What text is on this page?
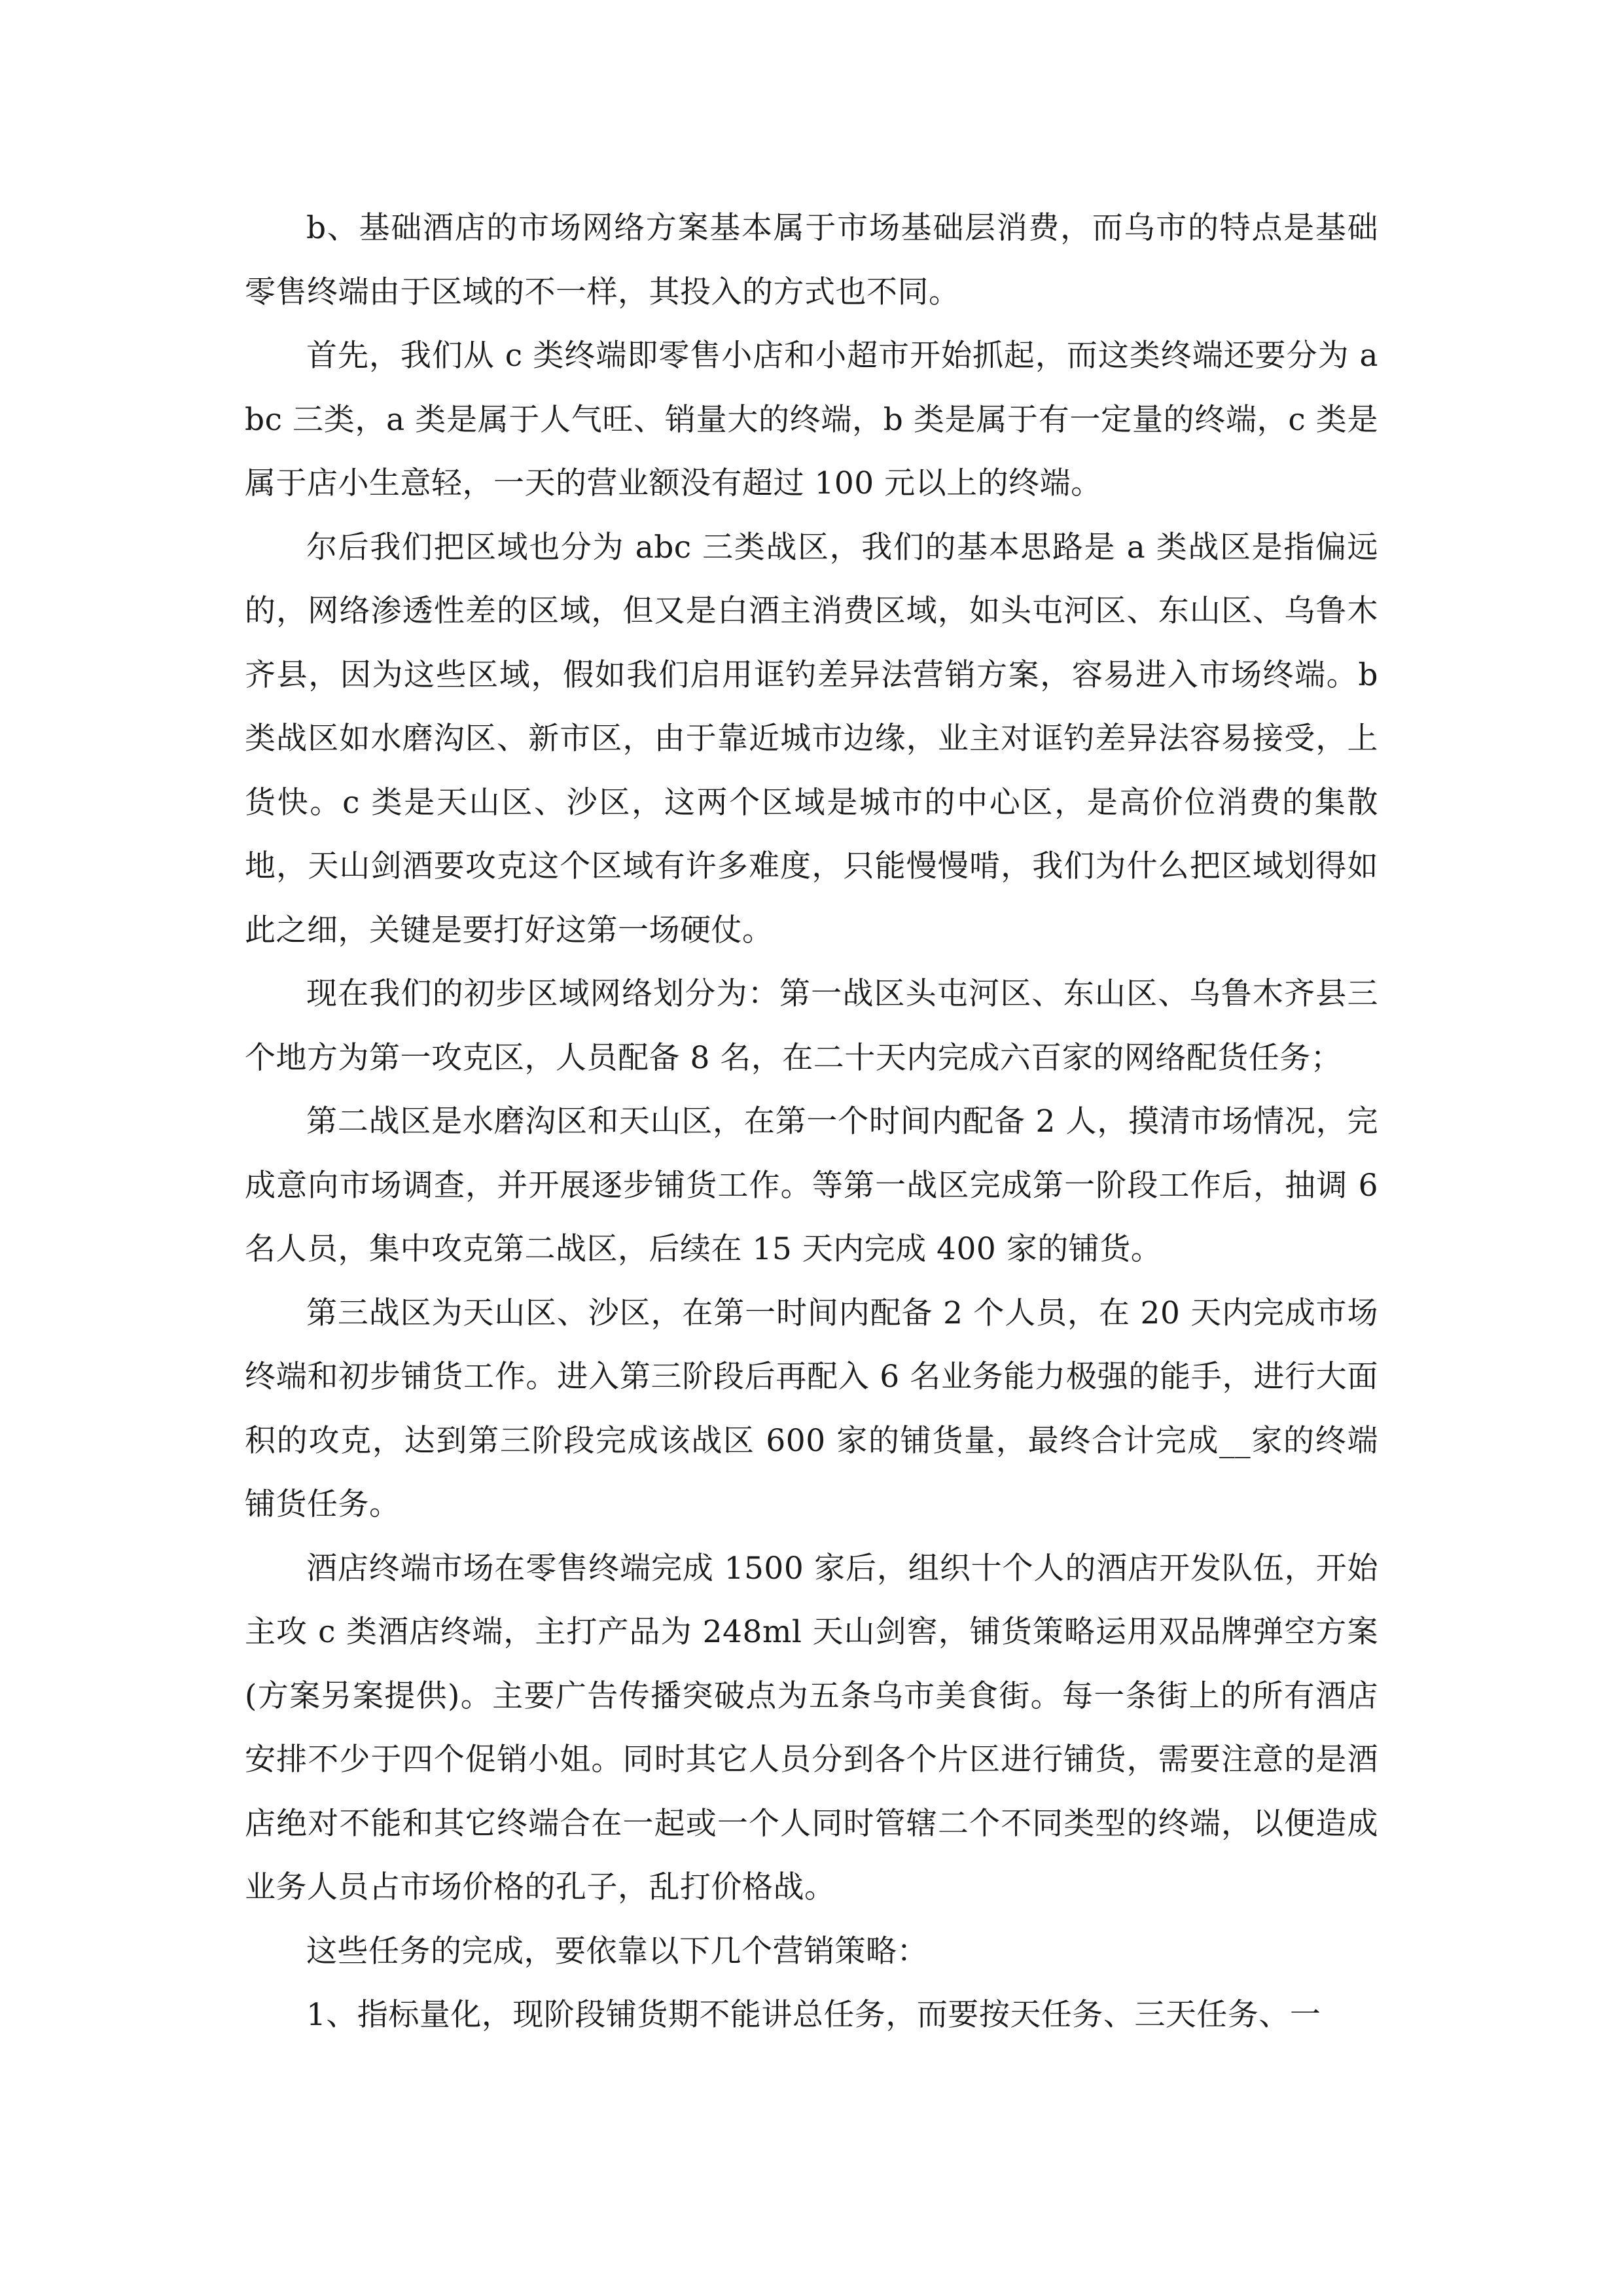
b、基础酒店的市场网络方案基本属于市场基础层消费，而乌市的特点是基础零售终端由于区域的不一样，其投入的方式也不同。

首先，我们从 c 类终端即零售小店和小超市开始抓起，而这类终端还要分为 abc 三类，a 类是属于人气旺、销量大的终端，b 类是属于有一定量的终端，c 类是属于店小生意轻，一天的营业额没有超过 100 元以上的终端。

尔后我们把区域也分为 abc 三类战区，我们的基本思路是 a 类战区是指偏远的，网络渗透性差的区域，但又是白酒主消费区域，如头屯河区、东山区、乌鲁木齐县，因为这些区域，假如我们启用诓钓差异法营销方案，容易进入市场终端。b 类战区如水磨沟区、新市区，由于靠近城市边缘，业主对诓钓差异法容易接受，上货快。c 类是天山区、沙区，这两个区域是城市的中心区，是高价位消费的集散地，天山剑酒要攻克这个区域有许多难度，只能慢慢啃，我们为什么把区域划得如此之细，关键是要打好这第一场硬仗。

现在我们的初步区域网络划分为：第一战区头屯河区、东山区、乌鲁木齐县三个地方为第一攻克区，人员配备 8 名，在二十天内完成六百家的网络配货任务；

第二战区是水磨沟区和天山区，在第一个时间内配备 2 人，摸清市场情况，完成意向市场调查，并开展逐步铺货工作。等第一战区完成第一阶段工作后，抽调 6 名人员，集中攻克第二战区，后续在 15 天内完成 400 家的铺货。

第三战区为天山区、沙区，在第一时间内配备 2 个人员，在 20 天内完成市场终端和初步铺货工作。进入第三阶段后再配入 6 名业务能力极强的能手，进行大面积的攻克，达到第三阶段完成该战区 600 家的铺货量，最终合计完成__家的终端铺货任务。

酒店终端市场在零售终端完成 1500 家后，组织十个人的酒店开发队伍，开始主攻 c 类酒店终端，主打产品为 248ml 天山剑窖，铺货策略运用双品牌弹空方案(方案另案提供)。主要广告传播突破点为五条乌市美食街。每一条街上的所有酒店安排不少于四个促销小姐。同时其它人员分到各个片区进行铺货，需要注意的是酒店绝对不能和其它终端合在一起或一个人同时管辖二个不同类型的终端，以便造成业务人员占市场价格的孔子，乱打价格战。

这些任务的完成，要依靠以下几个营销策略：

1、指标量化，现阶段铺货期不能讲总任务，而要按天任务、三天任务、一
